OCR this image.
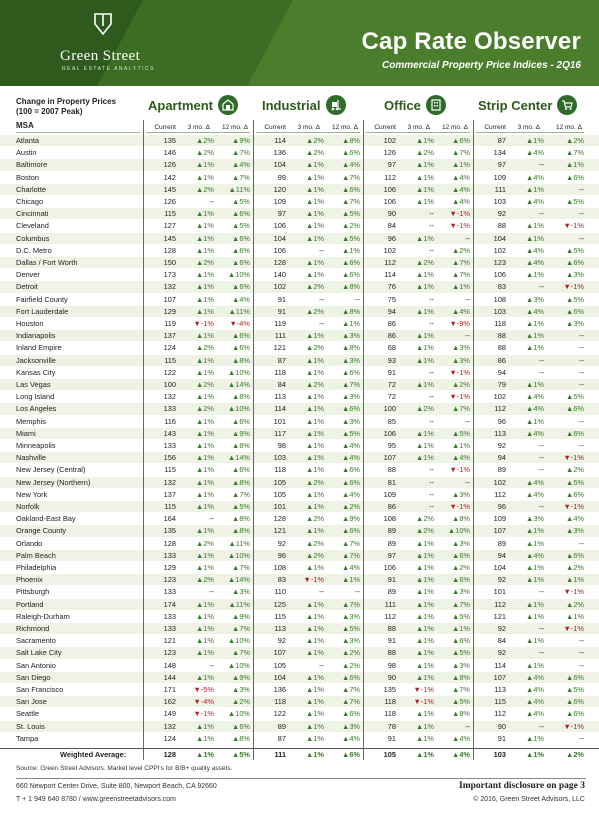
Green Street
REAL ESTATE ANALYTICS
Cap Rate Observer
Commercial Property Price Indices - 2Q16
Change in Property Prices
(100 = 2007 Peak)
MSA
Apartment	Industrial	Office	Strip Center
Current	3 mo. Δ	12 mo. Δ	Current	3 mo. Δ	12 mo. Δ	Current	3 mo. Δ	12 mo. Δ	Current	3 mo. Δ	12 mo. Δ
Atlanta	135	▲2%	▲9%	114	▲2%	▲8%	102	▲1%	▲6%	87	▲1%	▲2%
Austin	146	▲2%	▲7%	136	▲2%	▲6%	126	▲2%	▲7%	134	▲4%	▲7%
Baltimore	126	▲1%	▲4%	104	▲1%	▲4%	97	▲1%	▲1%	97	--	▲1%
Boston	142	▲1%	▲7%	99	▲1%	▲7%	112	▲1%	▲4%	109	▲4%	▲6%
Charlotte	145	▲2%	▲11%	120	▲1%	▲6%	106	▲1%	▲4%	111	▲1%	--
Chicago	126	--	▲5%	109	▲1%	▲7%	106	▲1%	▲4%	103	▲4%	▲5%
Cincinnati	115	▲1%	▲6%	97	▲1%	▲5%	90	--	▼-1%	92	--	--
Cleveland	127	▲1%	▲5%	106	▲1%	▲2%	84	--	▼-1%	88	▲1%	▼-1%
Columbus	145	▲1%	▲6%	104	▲1%	▲5%	96	▲1%	--	104	▲1%	--
D.C. Metro	128	▲1%	▲6%	106	--	▲1%	102	--	▲2%	102	▲4%	▲5%
Dallas / Fort Worth	150	▲2%	▲6%	128	▲1%	▲6%	112	▲2%	▲7%	123	▲4%	▲6%
Denver	173	▲1%	▲10%	140	▲1%	▲6%	114	▲1%	▲7%	106	▲1%	▲3%
Detroit	132	▲1%	▲6%	102	▲2%	▲8%	76	▲1%	▲1%	83	--	▼-1%
Fairfield County	107	▲1%	▲4%	91	--	--	75	--	--	108	▲3%	▲5%
Fort Lauderdale	129	▲1%	▲11%	91	▲2%	▲8%	94	▲1%	▲4%	103	▲4%	▲6%
Houston	119	▼-1%	▼-4%	119	--	▲1%	86	--	▼-9%	118	▲1%	▲3%
Indianapolis	137	▲1%	▲6%	111	▲1%	▲3%	86	▲1%	--	88	▲1%	--
Inland Empire	124	▲2%	▲6%	121	▲2%	▲8%	68	▲1%	▲3%	88	▲1%	--
Jacksonville	115	▲1%	▲8%	87	▲1%	▲3%	93	▲1%	▲3%	86	--	--
Kansas City	122	▲1%	▲10%	118	▲1%	▲6%	91	--	▼-1%	94	--	--
Las Vegas	100	▲2%	▲14%	84	▲2%	▲7%	72	▲1%	▲2%	79	▲1%	--
Long Island	132	▲1%	▲8%	113	▲1%	▲3%	72	--	▼-1%	102	▲4%	▲5%
Los Angeles	133	▲2%	▲10%	114	▲1%	▲6%	100	▲2%	▲7%	112	▲4%	▲6%
Memphis	116	▲1%	▲6%	101	▲1%	▲3%	85	--	--	96	▲1%	--
Miami	143	▲1%	▲9%	117	▲1%	▲5%	106	▲1%	▲5%	113	▲4%	▲6%
Minneapolis	133	▲1%	▲8%	98	▲1%	▲4%	95	▲1%	▲1%	92	--	--
Nashville	156	▲1%	▲14%	103	▲1%	▲4%	107	▲1%	▲4%	94	--	▼-1%
New Jersey (Central)	115	▲1%	▲6%	118	▲1%	▲6%	88	--	▼-1%	89	--	▲2%
New Jersey (Northern)	132	▲1%	▲8%	105	▲2%	▲6%	81	--	--	102	▲4%	▲5%
New York	137	▲1%	▲7%	105	▲1%	▲4%	109	--	▲3%	112	▲4%	▲6%
Norfolk	115	▲1%	▲5%	101	▲1%	▲2%	86	--	▼-1%	96	--	▼-1%
Oakland-East Bay	164	--	▲8%	128	▲2%	▲9%	108	▲2%	▲8%	109	▲3%	▲4%
Orange County	135	▲1%	▲8%	121	▲1%	▲6%	89	▲2%	▲10%	107	▲1%	▲3%
Orlando	128	▲2%	▲11%	92	▲2%	▲7%	89	▲1%	▲3%	89	▲1%	--
Palm Beach	133	▲1%	▲10%	96	▲2%	▲7%	97	▲1%	▲6%	94	▲4%	▲6%
Philadelphia	129	▲1%	▲7%	108	▲1%	▲4%	106	▲1%	▲2%	104	▲1%	▲2%
Phoenix	123	▲2%	▲14%	83	▼-1%	▲1%	91	▲1%	▲6%	92	▲1%	▲1%
Pittsburgh	133	--	▲3%	110	--	--	89	▲1%	▲3%	101	--	▼-1%
Portland	174	▲1%	▲11%	125	▲1%	▲7%	111	▲1%	▲7%	112	▲1%	▲2%
Raleigh-Durham	133	▲1%	▲9%	115	▲1%	▲3%	112	▲1%	▲5%	121	▲1%	▲1%
Richmond	133	▲1%	▲7%	113	▲1%	▲5%	88	▲1%	▲1%	92	--	▼-1%
Sacramento	121	▲1%	▲10%	92	▲1%	▲3%	91	▲1%	▲6%	84	▲1%	--
Salt Lake City	123	▲1%	▲7%	107	▲1%	▲2%	88	▲1%	▲5%	92	--	--
San Antonio	148	--	▲10%	105	--	▲2%	98	▲1%	▲3%	114	▲1%	--
San Diego	144	▲1%	▲9%	104	▲1%	▲6%	90	▲1%	▲8%	107	▲4%	▲6%
San Francisco	171	▼-5%	▲3%	136	▲1%	▲7%	135	▼-1%	▲7%	113	▲4%	▲5%
San Jose	162	▼-4%	▲2%	118	▲1%	▲7%	118	▼-1%	▲5%	115	▲4%	▲6%
Seattle	149	▼-1%	▲10%	122	▲1%	▲6%	118	▲1%	▲8%	112	▲4%	▲6%
St. Louis	132	▲1%	▲6%	89	▲1%	▲3%	78	▲1%	--	90	--	▼-1%
Tampa	124	▲1%	▲8%	87	▲1%	▲4%	91	▲1%	▲4%	91	▲1%	--
Weighted Average:	128	▲1%	▲5%	111	▲1%	▲6%	105	▲1%	▲4%	103	▲1%	▲2%
Source: Green Street Advisors. Market level CPPI's for B/B+ quality assets.
660 Newport Center Drive, Suite 800, Newport Beach, CA 92660
T + 1 949 640 8780 / www.greenstreetadvisors.com
Important disclosure on page 3
© 2016, Green Street Advisors, LLC
